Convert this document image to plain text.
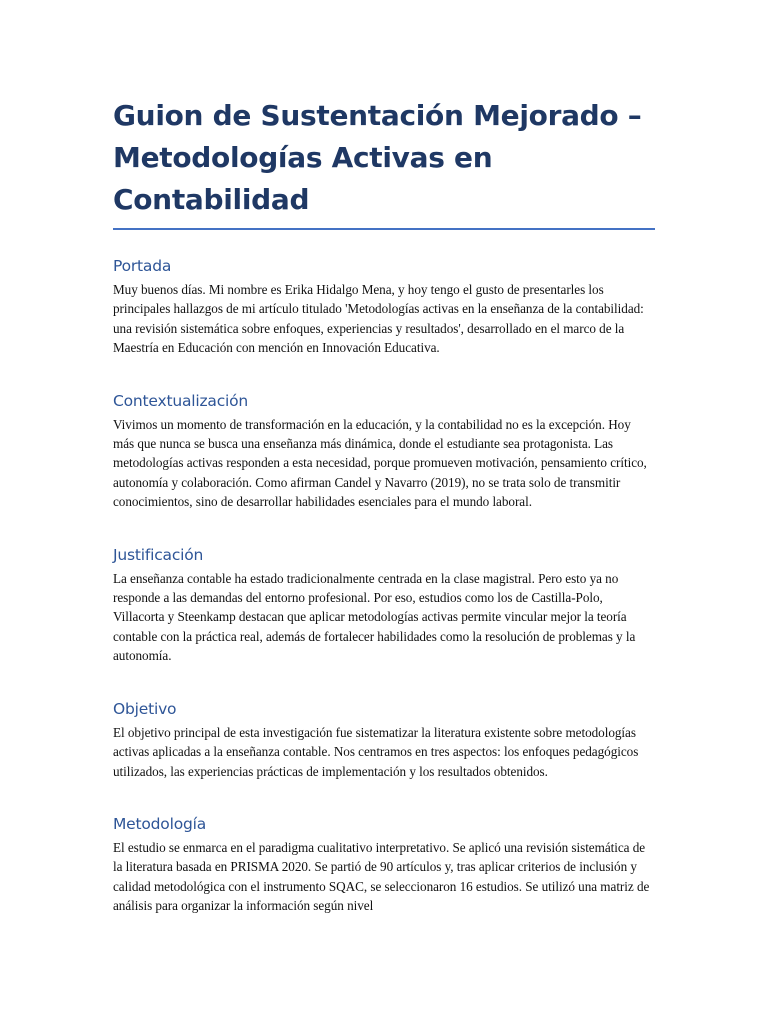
Guion de Sustentación Mejorado – Metodologías Activas en Contabilidad
Portada

Muy buenos días. Mi nombre es Erika Hidalgo Mena, y hoy tengo el gusto de presentarles los principales hallazgos de mi artículo titulado 'Metodologías activas en la enseñanza de la contabilidad: una revisión sistemática sobre enfoques, experiencias y resultados', desarrollado en el marco de la Maestría en Educación con mención en Innovación Educativa.

Contextualización

Vivimos un momento de transformación en la educación, y la contabilidad no es la excepción. Hoy más que nunca se busca una enseñanza más dinámica, donde el estudiante sea protagonista. Las metodologías activas responden a esta necesidad, porque promueven motivación, pensamiento crítico, autonomía y colaboración. Como afirman Candel y Navarro (2019), no se trata solo de transmitir conocimientos, sino de desarrollar habilidades esenciales para el mundo laboral.

Justificación

La enseñanza contable ha estado tradicionalmente centrada en la clase magistral. Pero esto ya no responde a las demandas del entorno profesional. Por eso, estudios como los de Castilla-Polo, Villacorta y Steenkamp destacan que aplicar metodologías activas permite vincular mejor la teoría contable con la práctica real, además de fortalecer habilidades como la resolución de problemas y la autonomía.

Objetivo

El objetivo principal de esta investigación fue sistematizar la literatura existente sobre metodologías activas aplicadas a la enseñanza contable. Nos centramos en tres aspectos: los enfoques pedagógicos utilizados, las experiencias prácticas de implementación y los resultados obtenidos.

Metodología

El estudio se enmarca en el paradigma cualitativo interpretativo. Se aplicó una revisión sistemática de la literatura basada en PRISMA 2020. Se partió de 90 artículos y, tras aplicar criterios de inclusión y calidad metodológica con el instrumento SQAC, se seleccionaron 16 estudios. Se utilizó una matriz de análisis para organizar la información según nivel
